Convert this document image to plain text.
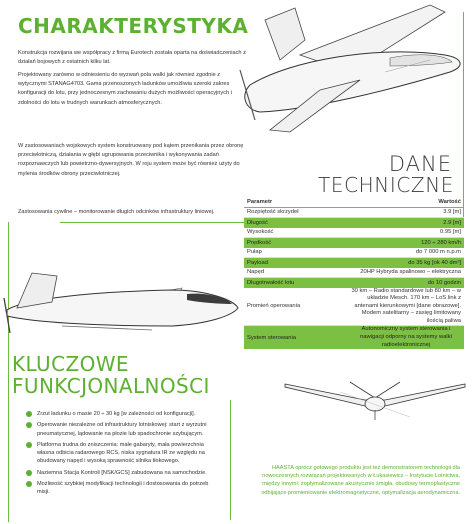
CHARAKTERYSTYKA
Konstrukcja rozwijana we współpracy z firmą Eurotech została oparta na doświadczeniach z działań bojowych z ostatnich kilku lat.
Projektowany zarówno w odniesieniu do wyzwań pola walki jak również zgodnie z wytycznymi STANAG4703. Gama przenoszonych ładunków umożliwia szeroki zakres konfiguracji do lotu, przy jednoczesnym zachowaniu dużych możliwości operacyjnych i zdolności do lotu w trudnych warunkach atmosferycznych.
W zastosowaniach wojskowych system konstruowany pod kątem przenikania przez obronę przeciwlotniczą, działania w głębi ugrupowania przeciwnika i wykonywania zadań rozpoznawczych lub powietrzno-dywersyjnych. W roju system może być również użyty do mylenia środków obrony przeciwlotniczej.
Zastosowania cywilne – monitorowanie długich odcinków infrastruktury liniowej.
DANE
TECHNICZNE
Parametr	Wartość
Rozpiętość skrzydeł	3.9 [m]
Długość	2.9 [m]
Wysokość	0.95 [m]
Prędkość	120 ÷ 280 km/h
Pułap	do 7 000 m n.p.m
Payload	do 35 kg [ok 40 dm³]
Napęd	20HP Hybryda spalinowo – elektryczna
Długotrwałość lotu	do 10 godzin
Promień operowania	30 km – Radio standardowe lub 80 km – w układzie Mesch. 170 km – LoS link z antenami kierunkowymi [dane obrazowe]. Modem satelitarny – zasięg limitowany ilością paliwa
System sterowania	Autonomiczny system sterowania i nawigacji odporny na systemy walki radioelektronicznej
KLUCZOWE
FUNKCJONALNOŚCI
Zrzut ładunku o masie 20 ÷ 30 kg [w zależności od konfiguracji].
Operowanie niezależne od infrastruktury lotniskowej: start z wyrzutni pneumatycznej, lądowanie na płozie lub spadochronie szybującym.
Platforma trudna do zniszczenia: małe gabaryty, mała powierzchnia własna odbicia radarowego RCS, niska sygnatura IR ze względu na obudowany napęd i wysoką sprawność silnika tłokowego.
Naziemna Stacja Kontroli [NSK/GCS] zabudowana na samochodzie.
Możliwość szybkiej modyfikacji technologii i dostosowania do potrzeb misji.
HAASTA oprócz gotowego produktu jest też demonstratorem technologii dla nowoczesnych rozwiązań projektowanych w Łukasiewicz – Instytucie Lotnictwa, między innymi: zoptymalizowane akustycznie śmigła, obudowy termoplastyczne odbijające promieniowanie elektromagnetyczne, optymalizacja aerodynamiczna.
